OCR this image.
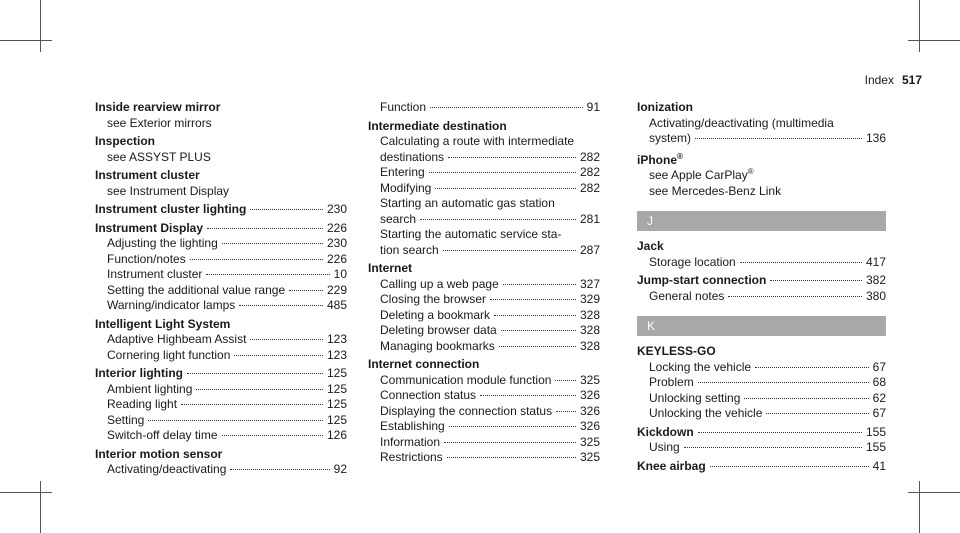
Index 517
Inside rearview mirror
see Exterior mirrors
Inspection
see ASSYST PLUS
Instrument cluster
see Instrument Display
Instrument cluster lighting	230
Instrument Display	226
Adjusting the lighting	230
Function/notes	226
Instrument cluster	10
Setting the additional value range	229
Warning/indicator lamps	485
Intelligent Light System
Adaptive Highbeam Assist	123
Cornering light function	123
Interior lighting	125
Ambient lighting	125
Reading light	125
Setting	125
Switch-off delay time	126
Interior motion sensor
Activating/deactivating	92
Function	91
Intermediate destination
Calculating a route with intermediate
destinations	282
Entering	282
Modifying	282
Starting an automatic gas station
search	281
Starting the automatic service sta-
tion search	287
Internet
Calling up a web page	327
Closing the browser	329
Deleting a bookmark	328
Deleting browser data	328
Managing bookmarks	328
Internet connection
Communication module function 325
Connection status	326
Displaying the connection status 326
Establishing	326
Information	325
Restrictions	325
Ionization
Activating/deactivating (multimedia
system)	136
iPhone®
see Apple CarPlay®
see Mercedes-Benz Link
J
Jack
Storage location	417
Jump-start connection	382
General notes	380
K
KEYLESS-GO
Locking the vehicle	67
Problem	68
Unlocking setting	62
Unlocking the vehicle	67
Kickdown	155
Using	155
Knee airbag	41
